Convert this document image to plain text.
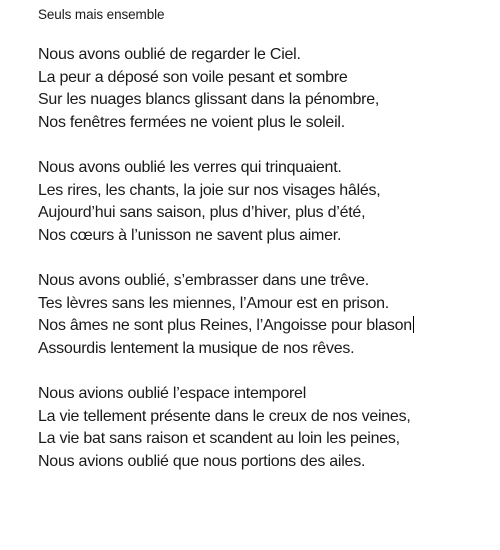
Seuls mais ensemble
Nous avons oublié de regarder le Ciel.
La peur a déposé son voile pesant et sombre
Sur les nuages blancs glissant dans la pénombre,
Nos fenêtres fermées ne voient plus le soleil.
Nous avons oublié les verres qui trinquaient.
Les rires, les chants, la joie sur nos visages hâlés,
Aujourd’hui sans saison, plus d’hiver, plus d’été,
Nos cœurs à l’unisson ne savent plus aimer.
Nous avons oublié, s’embrasser dans une trêve.
Tes lèvres sans les miennes, l’Amour est en prison.
Nos âmes ne sont plus Reines, l’Angoisse pour blason
Assourdis lentement la musique de nos rêves.
Nous avions oublié l’espace intemporel
La vie tellement présente dans le creux de nos veines,
La vie bat sans raison et scandent au loin les peines,
Nous avions oublié que nous portions des ailes.
